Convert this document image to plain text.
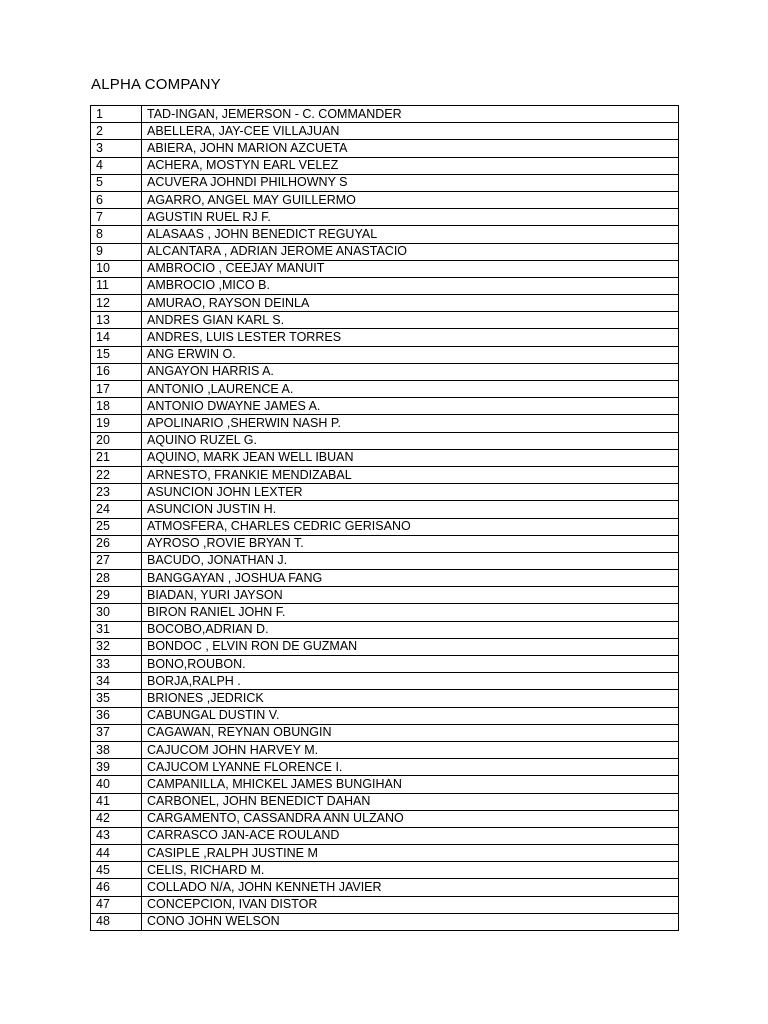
ALPHA COMPANY
1	TAD-INGAN, JEMERSON - C. COMMANDER
2	ABELLERA, JAY-CEE VILLAJUAN
3	ABIERA, JOHN MARION AZCUETA
4	ACHERA, MOSTYN EARL VELEZ
5	ACUVERA JOHNDI PHILHOWNY S
6	AGARRO, ANGEL MAY GUILLERMO
7	AGUSTIN RUEL RJ F.
8	ALASAAS , JOHN BENEDICT REGUYAL
9	ALCANTARA , ADRIAN JEROME ANASTACIO
10	AMBROCIO , CEEJAY MANUIT
11	AMBROCIO ,MICO B.
12	AMURAO, RAYSON DEINLA
13	ANDRES GIAN KARL S.
14	ANDRES, LUIS LESTER TORRES
15	ANG ERWIN O.
16	ANGAYON HARRIS A.
17	ANTONIO ,LAURENCE A.
18	ANTONIO DWAYNE JAMES A.
19	APOLINARIO ,SHERWIN NASH P.
20	AQUINO RUZEL G.
21	AQUINO, MARK JEAN WELL IBUAN
22	ARNESTO, FRANKIE MENDIZABAL
23	ASUNCION JOHN LEXTER
24	ASUNCION JUSTIN H.
25	ATMOSFERA, CHARLES CEDRIC GERISANO
26	AYROSO ,ROVIE BRYAN T.
27	BACUDO, JONATHAN J.
28	BANGGAYAN , JOSHUA FANG
29	BIADAN, YURI JAYSON
30	BIRON RANIEL JOHN F.
31	BOCOBO,ADRIAN D.
32	BONDOC , ELVIN RON DE GUZMAN
33	BONO,ROUBON.
34	BORJA,RALPH .
35	BRIONES ,JEDRICK
36	CABUNGAL DUSTIN V.
37	CAGAWAN, REYNAN OBUNGIN
38	CAJUCOM JOHN HARVEY M.
39	CAJUCOM LYANNE FLORENCE I.
40	CAMPANILLA, MHICKEL JAMES BUNGIHAN
41	CARBONEL, JOHN BENEDICT DAHAN
42	CARGAMENTO, CASSANDRA ANN ULZANO
43	CARRASCO JAN-ACE ROULAND
44	CASIPLE ,RALPH JUSTINE M
45	CELIS, RICHARD M.
46	COLLADO N/A, JOHN KENNETH JAVIER
47	CONCEPCION, IVAN DISTOR
48	CONO JOHN WELSON
